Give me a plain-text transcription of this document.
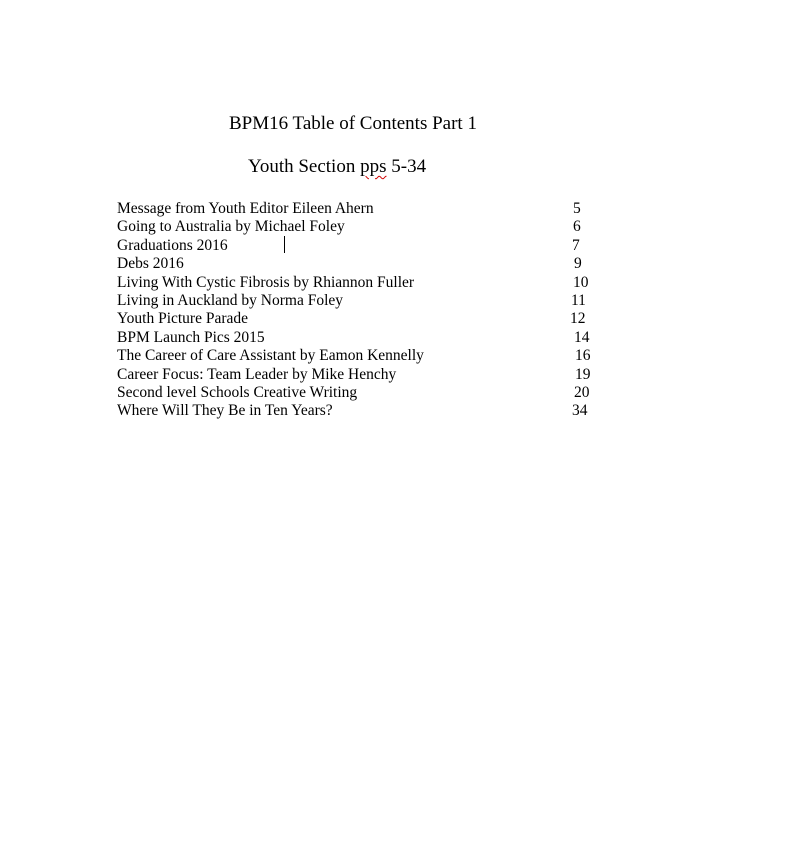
BPM16 Table of Contents Part 1
Youth Section pps 5-34
Message from Youth Editor Eileen Ahern	5
Going to Australia by Michael Foley	6
Graduations 2016	7
Debs 2016	9
Living With Cystic Fibrosis by Rhiannon Fuller	10
Living in Auckland by Norma Foley	11
Youth Picture Parade	12
BPM Launch Pics 2015	14
The Career of Care Assistant by Eamon Kennelly	16
Career Focus: Team Leader by Mike Henchy	19
Second level Schools Creative Writing	20
Where Will They Be in Ten Years?	34
